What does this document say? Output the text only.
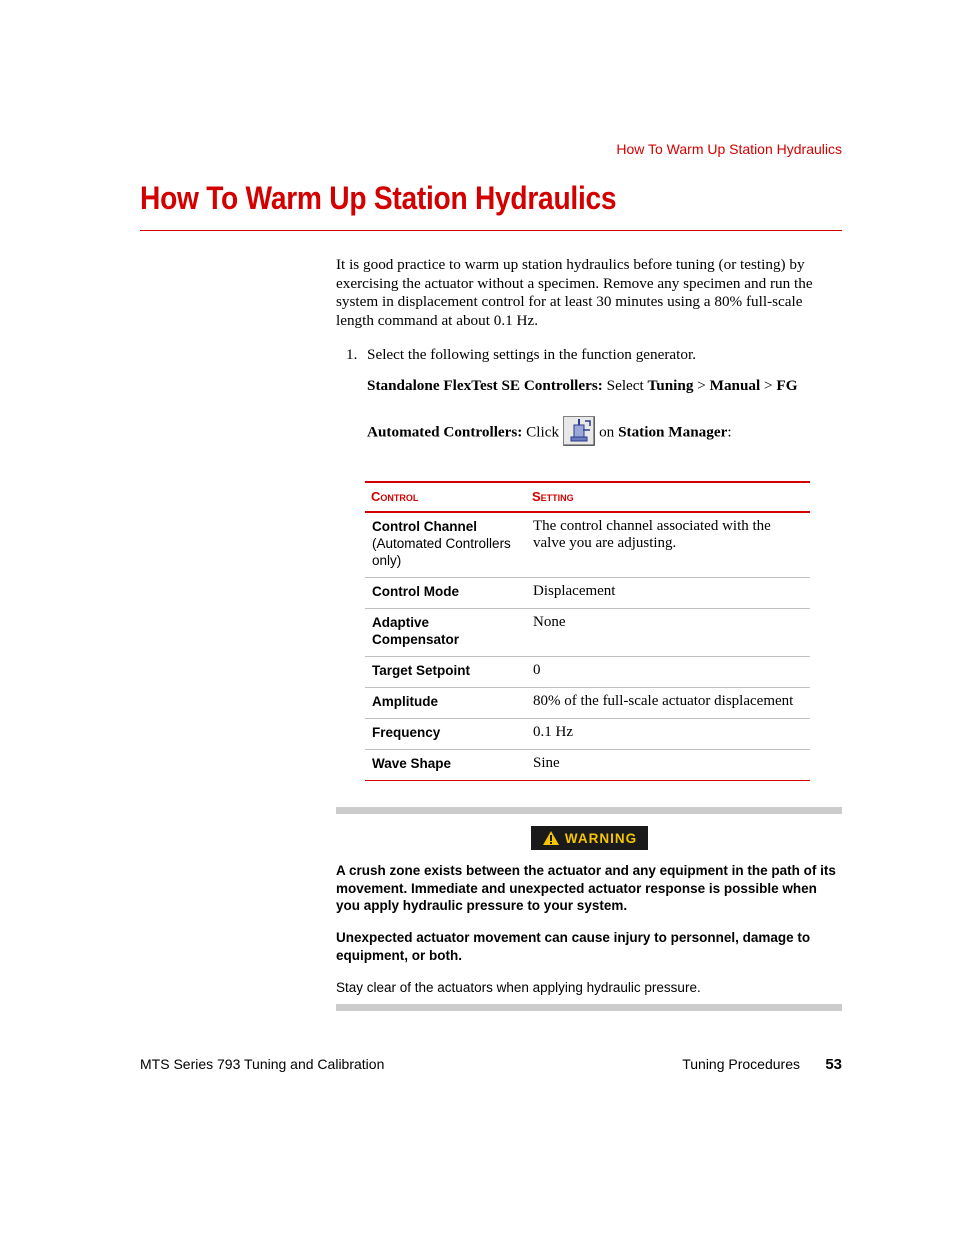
How To Warm Up Station Hydraulics
How To Warm Up Station Hydraulics

It is good practice to warm up station hydraulics before tuning (or testing) by exercising the actuator without a specimen. Remove any specimen and run the system in displacement control for at least 30 minutes using a 80% full-scale length command at about 0.1 Hz.

1. Select the following settings in the function generator.

Standalone FlexTest SE Controllers: Select Tuning > Manual > FG

Automated Controllers: Click	on Station Manager:

Control	Setting
Control Channel
(Automated Controllers only)	The control channel associated with the valve you are adjusting.
Control Mode	Displacement
Adaptive Compensator	None
Target Setpoint	0
Amplitude	80% of the full-scale actuator displacement
Frequency	0.1 Hz
Wave Shape	Sine
WARNING

A crush zone exists between the actuator and any equipment in the path of its movement. Immediate and unexpected actuator response is possible when you apply hydraulic pressure to your system.

Unexpected actuator movement can cause injury to personnel, damage to equipment, or both.

Stay clear of the actuators when applying hydraulic pressure.

MTS Series 793 Tuning and Calibration	Tuning Procedures 53
